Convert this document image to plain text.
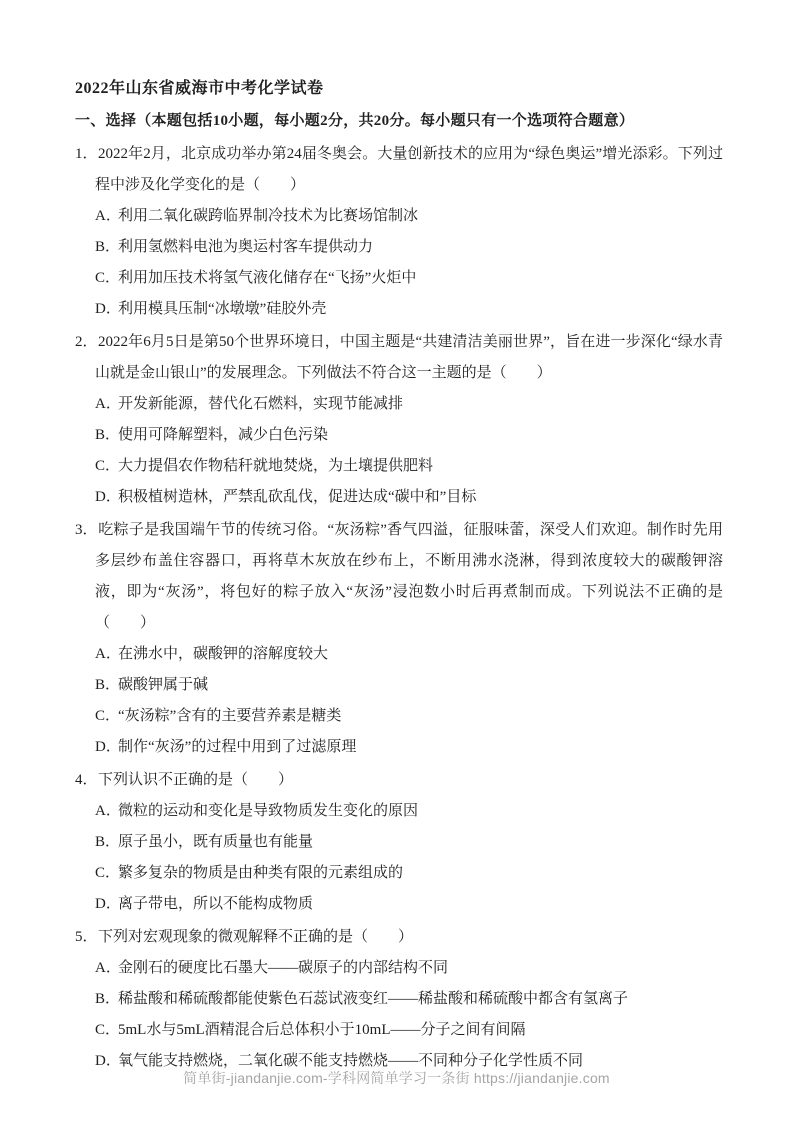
2022年山东省威海市中考化学试卷
一、选择（本题包括10小题，每小题2分，共20分。每小题只有一个选项符合题意）
1．2022年2月，北京成功举办第24届冬奥会。大量创新技术的应用为“绿色奥运”增光添彩。下列过程中涉及化学变化的是（　　）
A．利用二氧化碳跨临界制冷技术为比赛场馆制冰
B．利用氢燃料电池为奥运村客车提供动力
C．利用加压技术将氢气液化储存在“飞扬”火炬中
D．利用模具压制“冰墩墩”硅胶外壳
2．2022年6月5日是第50个世界环境日，中国主题是“共建清洁美丽世界”，旨在进一步深化“绿水青山就是金山银山”的发展理念。下列做法不符合这一主题的是（　　）
A．开发新能源，替代化石燃料，实现节能减排
B．使用可降解塑料，减少白色污染
C．大力提倡农作物秸秆就地焚烧，为土壤提供肥料
D．积极植树造林，严禁乱砍乱伐，促进达成“碳中和”目标
3．吃粽子是我国端午节的传统习俗。“灰汤粽”香气四溢，征服味蕾，深受人们欢迎。制作时先用多层纱布盖住容器口，再将草木灰放在纱布上，不断用沸水浇淋，得到浓度较大的碳酸钾溶液，即为“灰汤”，将包好的粽子放入“灰汤”浸泡数小时后再煮制而成。下列说法不正确的是（　　）
A．在沸水中，碳酸钾的溶解度较大
B．碳酸钾属于碱
C．“灰汤粽”含有的主要营养素是糖类
D．制作“灰汤”的过程中用到了过滤原理
4．下列认识不正确的是（　　）
A．微粒的运动和变化是导致物质发生变化的原因
B．原子虽小，既有质量也有能量
C．繁多复杂的物质是由种类有限的元素组成的
D．离子带电，所以不能构成物质
5．下列对宏观现象的微观解释不正确的是（　　）
A．金刚石的硬度比石墨大——碳原子的内部结构不同
B．稀盐酸和稀硫酸都能使紫色石蕊试液变红——稀盐酸和稀硫酸中都含有氢离子
C．5mL水与5mL酒精混合后总体积小于10mL——分子之间有间隔
D．氧气能支持燃烧，二氧化碳不能支持燃烧——不同种分子化学性质不同
简单街-jiandanjie.com-学科网简单学习一条街 https://jiandanjie.com
